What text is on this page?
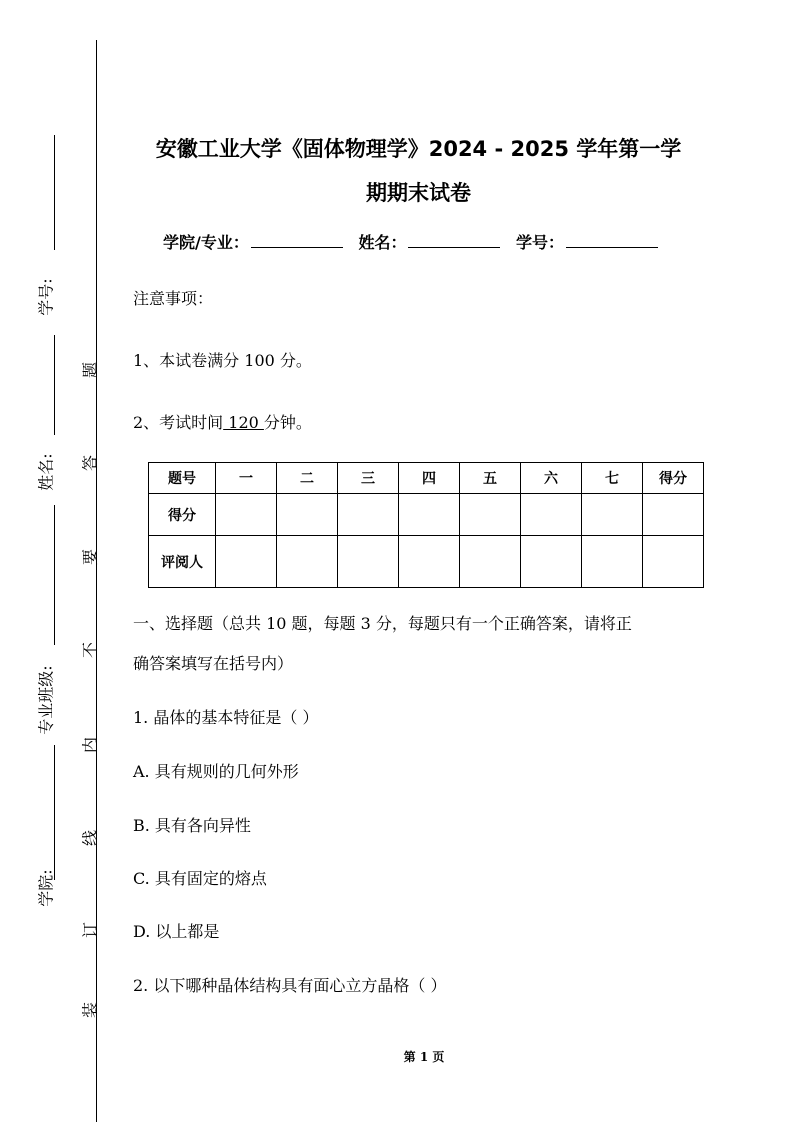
学号:
姓名:
专业班级:
学院:
题
答
要
不
内
线
订
装
安徽工业大学《固体物理学》2024 - 2025 学年第一学
期期末试卷
学院/专业：	姓名：	学号：
注意事项：
1、本试卷满分 100 分。
2、考试时间 120 分钟。
题号	一	二	三	四	五	六	七	得分
得分								
评阅人								
一、选择题（总共 10 题，每题 3 分，每题只有一个正确答案，请将正
确答案填写在括号内）
1. 晶体的基本特征是（ ）
A. 具有规则的几何外形
B. 具有各向异性
C. 具有固定的熔点
D. 以上都是
2. 以下哪种晶体结构具有面心立方晶格（ ）
第 1 页
